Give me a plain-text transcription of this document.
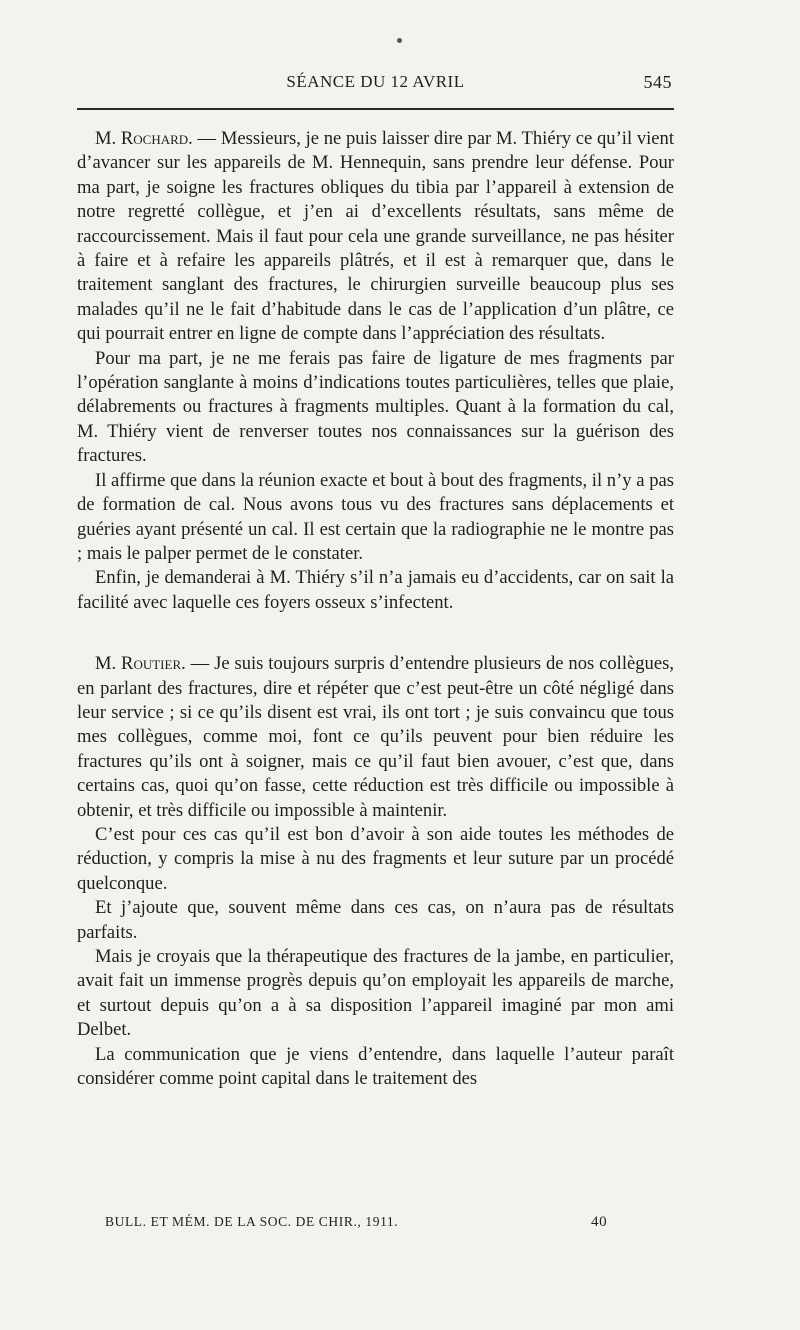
SÉANCE DU 12 AVRIL	545

M. Rochard. — Messieurs, je ne puis laisser dire par M. Thiéry ce qu’il vient d’avancer sur les appareils de M. Hennequin, sans prendre leur défense. Pour ma part, je soigne les fractures obliques du tibia par l’appareil à extension de notre regretté collègue, et j’en ai d’excellents résultats, sans même de raccourcissement. Mais il faut pour cela une grande surveillance, ne pas hésiter à faire et à refaire les appareils plâtrés, et il est à remarquer que, dans le traitement sanglant des fractures, le chirurgien surveille beaucoup plus ses malades qu’il ne le fait d’habitude dans le cas de l’application d’un plâtre, ce qui pourrait entrer en ligne de compte dans l’appréciation des résultats.

Pour ma part, je ne me ferais pas faire de ligature de mes fragments par l’opération sanglante à moins d’indications toutes particulières, telles que plaie, délabrements ou fractures à fragments multiples. Quant à la formation du cal, M. Thiéry vient de renverser toutes nos connaissances sur la guérison des fractures.

Il affirme que dans la réunion exacte et bout à bout des fragments, il n’y a pas de formation de cal. Nous avons tous vu des fractures sans déplacements et guéries ayant présenté un cal. Il est certain que la radiographie ne le montre pas ; mais le palper permet de le constater.

Enfin, je demanderai à M. Thiéry s’il n’a jamais eu d’accidents, car on sait la facilité avec laquelle ces foyers osseux s’infectent.

M. Routier. — Je suis toujours surpris d’entendre plusieurs de nos collègues, en parlant des fractures, dire et répéter que c’est peut-être un côté négligé dans leur service ; si ce qu’ils disent est vrai, ils ont tort ; je suis convaincu que tous mes collègues, comme moi, font ce qu’ils peuvent pour bien réduire les fractures qu’ils ont à soigner, mais ce qu’il faut bien avouer, c’est que, dans certains cas, quoi qu’on fasse, cette réduction est très difficile ou impossible à obtenir, et très difficile ou impossible à maintenir.

C’est pour ces cas qu’il est bon d’avoir à son aide toutes les méthodes de réduction, y compris la mise à nu des fragments et leur suture par un procédé quelconque.

Et j’ajoute que, souvent même dans ces cas, on n’aura pas de résultats parfaits.

Mais je croyais que la thérapeutique des fractures de la jambe, en particulier, avait fait un immense progrès depuis qu’on employait les appareils de marche, et surtout depuis qu’on a à sa disposition l’appareil imaginé par mon ami Delbet.

La communication que je viens d’entendre, dans laquelle l’auteur paraît considérer comme point capital dans le traitement des

BULL. ET MÉM. DE LA SOC. DE CHIR., 1911.	40
